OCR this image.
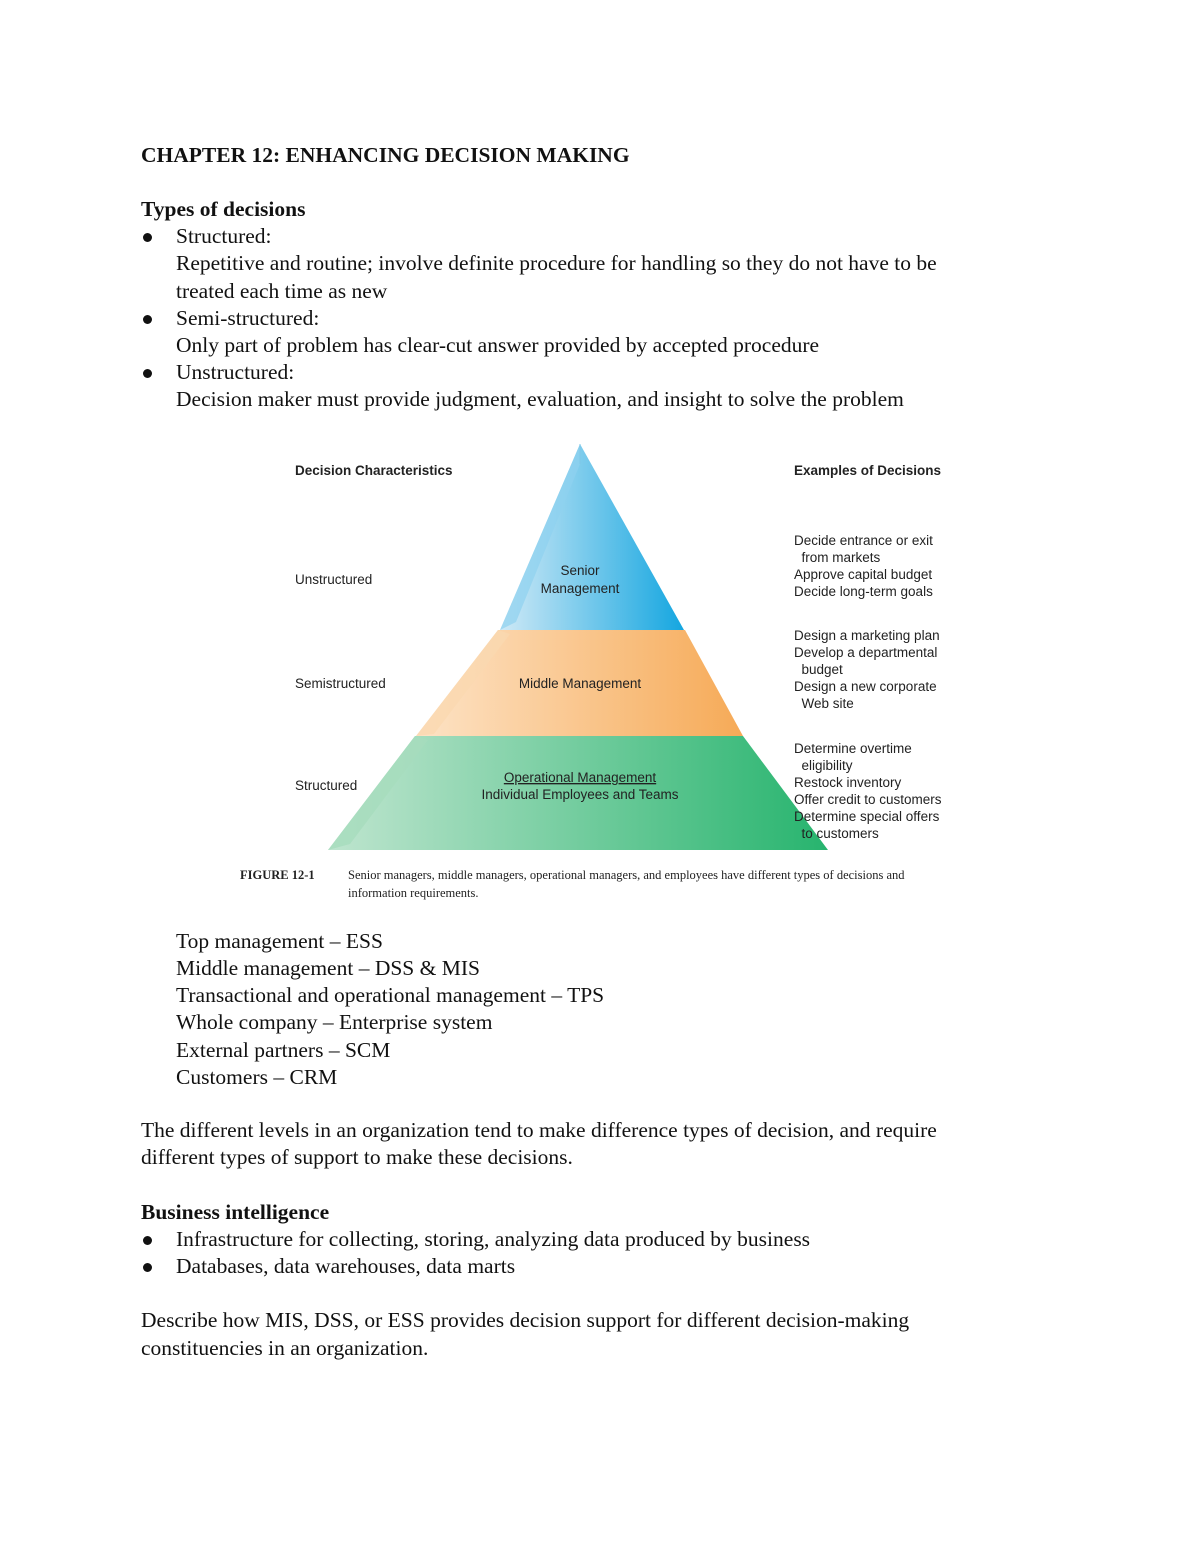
CHAPTER 12: ENHANCING DECISION MAKING
Types of decisions
Structured:
Repetitive and routine; involve definite procedure for handling so they do not have to be
treated each time as new
Semi-structured:
Only part of problem has clear-cut answer provided by accepted procedure
Unstructured:
Decision maker must provide judgment, evaluation, and insight to solve the problem
Decision Characteristics	Examples of Decisions
Unstructured
Semistructured
Structured
Senior
Management
Middle Management
Operational Management
Individual Employees and Teams
Decide entrance or exit
from markets
Approve capital budget
Decide long-term goals
Design a marketing plan
Develop a departmental
budget
Design a new corporate
Web site
Determine overtime
eligibility
Restock inventory
Offer credit to customers
Determine special offers
to customers
FIGURE 12-1	Senior managers, middle managers, operational managers, and employees have different types of decisions and
information requirements.
Top management – ESS
Middle management – DSS & MIS
Transactional and operational management – TPS
Whole company – Enterprise system
External partners – SCM
Customers – CRM
The different levels in an organization tend to make difference types of decision, and require
different types of support to make these decisions.
Business intelligence
Infrastructure for collecting, storing, analyzing data produced by business
Databases, data warehouses, data marts
Describe how MIS, DSS, or ESS provides decision support for different decision-making
constituencies in an organization.
